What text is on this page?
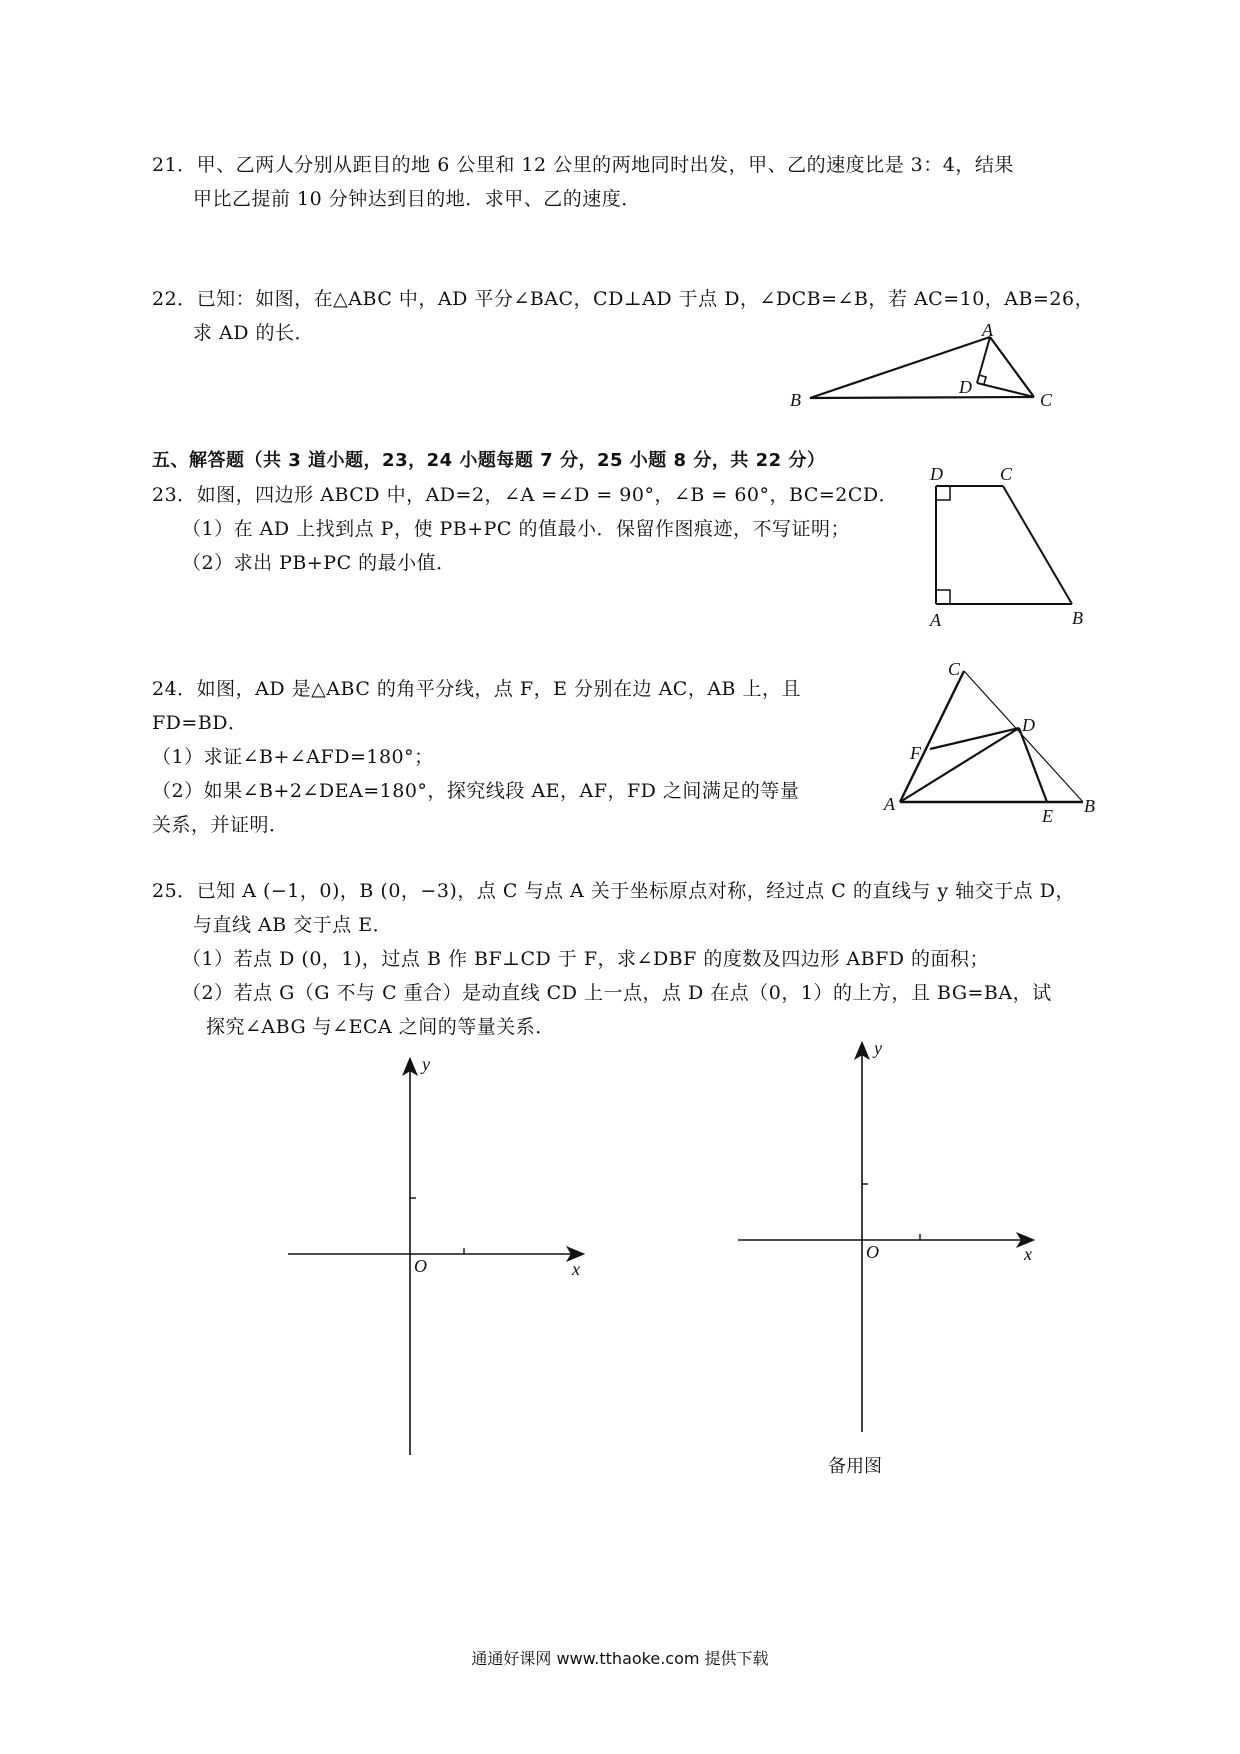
21．甲、乙两人分别从距目的地 6 公里和 12 公里的两地同时出发，甲、乙的速度比是 3：4，结果
甲比乙提前 10 分钟达到目的地．求甲、乙的速度．
22．已知：如图，在△ABC 中，AD 平分∠BAC，CD⊥AD 于点 D，∠DCB=∠B，若 AC=10，AB=26，
求 AD 的长．
五、解答题（共 3 道小题，23，24 小题每题 7 分，25 小题 8 分，共 22 分）
23．如图，四边形 ABCD 中，AD=2，∠A =∠D = 90°，∠B = 60°，BC=2CD．
（1）在 AD 上找到点 P，使 PB+PC 的值最小．保留作图痕迹，不写证明；
（2）求出 PB+PC 的最小值．
24．如图，AD 是△ABC 的角平分线，点 F，E 分别在边 AC，AB 上，且
FD=BD．
（1）求证∠B+∠AFD=180°；
（2）如果∠B+2∠DEA=180°，探究线段 AE，AF，FD 之间满足的等量
关系，并证明．
25．已知 A (−1，0)，B (0，−3)，点 C 与点 A 关于坐标原点对称，经过点 C 的直线与 y 轴交于点 D，
与直线 AB 交于点 E．
（1）若点 D (0，1)，过点 B 作 BF⊥CD 于 F，求∠DBF 的度数及四边形 ABFD 的面积；
（2）若点 G（G 不与 C 重合）是动直线 CD 上一点，点 D 在点（0，1）的上方，且 BG=BA，试
探究∠ABG 与∠ECA 之间的等量关系．
A
B	C
D
D	C
A	B
C
D
F
A
E B
O	x
y
O	x
y
备用图
通通好课网 www.tthaoke.com 提供下载
